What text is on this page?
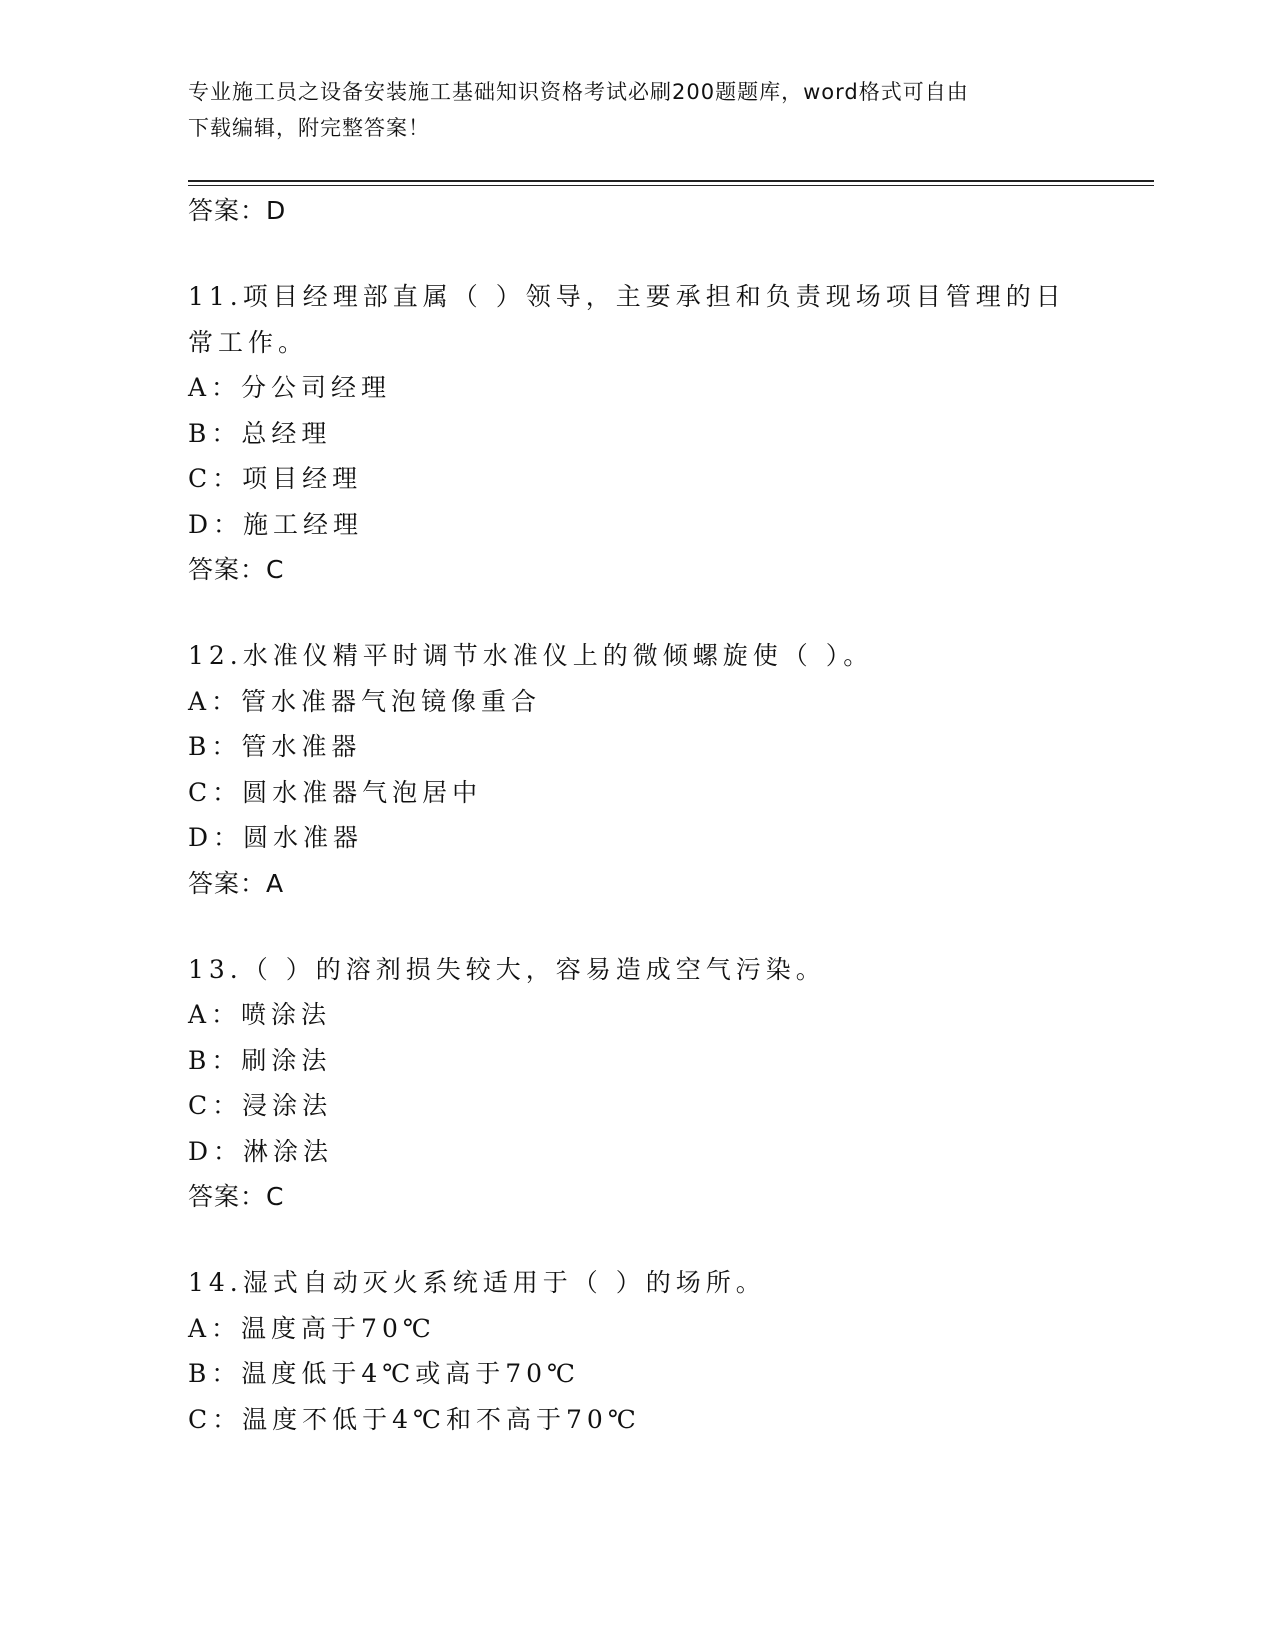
专业施工员之设备安装施工基础知识资格考试必刷200题题库，word格式可自由
下载编辑，附完整答案！
答案：D
11.项目经理部直属（ ）领导，主要承担和负责现场项目管理的日常工作。
A：分公司经理
B：总经理
C：项目经理
D：施工经理
答案：C
12.水准仪精平时调节水准仪上的微倾螺旋使（ ）。
A：管水准器气泡镜像重合
B：管水准器
C：圆水准器气泡居中
D：圆水准器
答案：A
13.（ ）的溶剂损失较大，容易造成空气污染。
A：喷涂法
B：刷涂法
C：浸涂法
D：淋涂法
答案：C
14.湿式自动灭火系统适用于（ ）的场所。
A：温度高于70℃
B：温度低于4℃或高于70℃
C：温度不低于4℃和不高于70℃
